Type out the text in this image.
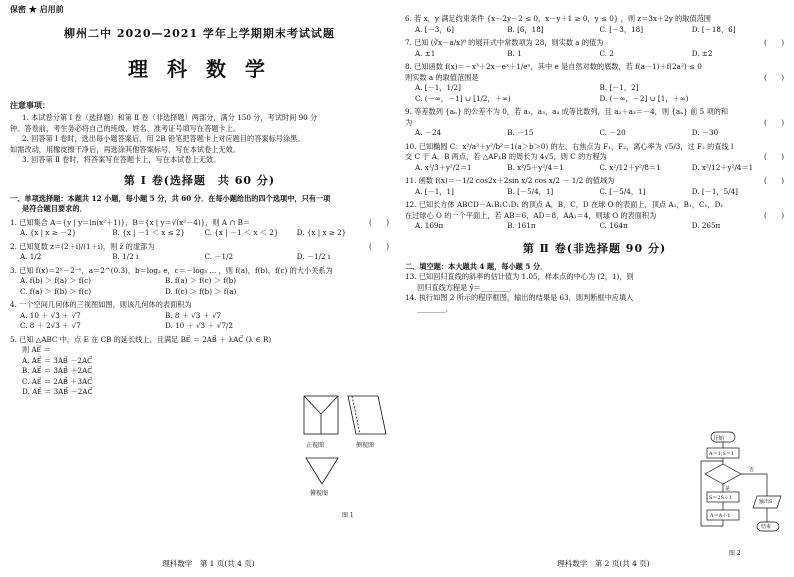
保密 ★ 启用前
柳州二中 2020—2021 学年上学期期末考试试题
理 科 数 学
注意事项：
1. 本试卷分第 Ⅰ 卷（选择题）和第 Ⅱ 卷（非选择题）两部分，满分 150 分，考试时间 90 分
钟。答卷前，考生务必将自己的班级、姓名、准考证号填写在答题卡上。
2. 回答第 Ⅰ 卷时，选出每小题答案后，用 2B 铅笔把答题卡上对应题目的答案标号涂黑。
如需改动，用橡皮擦干净后，再选涂其他答案标号，写在本试卷上无效。
3. 回答第 Ⅱ 卷时，将答案写在答题卡上，写在本试卷上无效。
第 Ⅰ 卷(选择题　共 60 分)
一、单项选择题：本题共 12 小题，每小题 5 分，共 60 分．在每小题给出的四个选项中，只有一项
是符合题目要求的．
1. 已知集合 A＝{y | y＝ln(x²＋1)}，B＝{x | y＝√(x²－4)}，则 A ∩ B＝	(　　)
A. {x | x ≥ －2}	B. {x | －1 ＜ x ≤ 2}	C. {x | －1 ＜ x ＜ 2}	D. {x | x ≥ 2}
2. 已知复数 z＝(2＋i)/(1＋i)，则 z̄ 的虚部为	(　　)
A. 1/2	B. 1/2 i	C. －1/2	D. －1/2 i
3. 已知 f(x)＝2ˣ－2⁻ˣ，a＝2^(0.3)，b＝log₂ e，c＝－log₃ ... ，则 f(a)，f(b)，f(c) 的大小关系为
A. f(b) ＞ f(a) ＞ f(c)	B. f(a) ＞ f(c) ＞ f(b)
C. f(a) ＞ f(b) ＞ f(c)	D. f(c) ＞ f(b) ＞ f(a)
4. 一个空间几何体的三视图如图，则该几何体的表面积为
A. 10 ＋ √3 ＋ √7	B. 8 ＋ √3 ＋ √7
C. 8 ＋ 2√3 ＋ √7	D. 10 ＋ √3 ＋ √7/2
5. 已知 △ABC 中，点 E 在 CB 的延长线上，且满足 BE⃗ ＝ 2AB⃗ ＋ λAC⃗ (λ ∈ R)
则 AE⃗ ＝
A. AE⃗ ＝ 3AB⃗ －2AC⃗
B. AE⃗ ＝ 3AB⃗ ＋2AC⃗
C. AE⃗ ＝ 2AB⃗ ＋3AC⃗
D. AE⃗ ＝ 3AB⃗ －2AC⃗
正视图	侧视图
俯视图
图 1
理科数学　第 1 页(共 4 页)
6. 若 x，y 满足约束条件 {x－2y－2 ≤ 0，x－y＋1 ≥ 0，y ≤ 0} ，则 z＝3x＋2y 的取值范围
A. [－3，6]	B. [6，18]	C. [－3，18]	D. [－18，6]
7. 已知 (∛x－a/x)⁸ 的展开式中常数项为 28，则实数 a 的值为	(　　)
A. ±1	B. 1	C. 2	D. ±2
8. 已知函数 f(x)＝－x³＋2x－eˣ＋1/eˣ，其中 e 是自然对数的底数，若 f(a－1)＋f(2a²) ≤ 0
则实数 a 的取值范围是	(　　)
A. [－1，1/2]	B. [－1，2]
C. (－∞，－1] ∪ [1/2，＋∞)	D. (－∞，－2] ∪ [1，＋∞)
9. 等差数列 {aₙ} 的公差不为 0，若 a₁，a₃，a₄ 成等比数列，且 a₂＋a₃＝－4，则 {aₙ} 前 5 项的和
为	(　　)
A. －24	B. －15	C. －20	D. －30
10. 已知椭圆 C：x²/a²＋y²/b²＝1(a＞b＞0) 的左、右焦点为 F₁，F₂，离心率为 √5/3，过 F₂ 的直线 l
交 C 于 A，B 两点，若 △AF₁B 的周长为 4√5，则 C 的方程为	(　　)
A. x²/3＋y²/2＝1	B. x²/5＋y²/4＝1	C. x²/12＋y²/8＝1	D. x²/12＋y²/4＝1
11. 函数 f(x)＝－1/2 cos2x＋2sin x/2 cos x/2 － 1/2 的值域为	(　　)
A. [－1，1]	B. [－5/4，1]	C. [－5/4，1]	D. [－1，5/4]
12. 已知长方体 ABCD－A₁B₁C₁D₁ 的顶点 A，B，C，D 在球 O 的表面上，顶点 A₁，B₁，C₁，D₁
在过球心 O 的一个平面上，若 AB＝6，AD＝8，AA₁＝4，则球 O 的表面积为	(　　)
A. 169π	B. 161π	C. 164π	D. 265π
第 Ⅱ 卷(非选择题 90 分)
二、填空题：本大题共 4 题，每小题 5 分．
13. 已知回归直线的斜率的估计值为 1.05，样本点的中心为 (2，1)，则
回归直线方程是 ŷ＝________．
14. 执行如图 2 所示的程序框图，输出的结果是 63，则判断框中应填入
________．
开始
A＝1,S＝1
是
否
S＝2S＋1
A＝A＋1
输出S
结束
图 2
理科数学　第 2 页(共 4 页)
